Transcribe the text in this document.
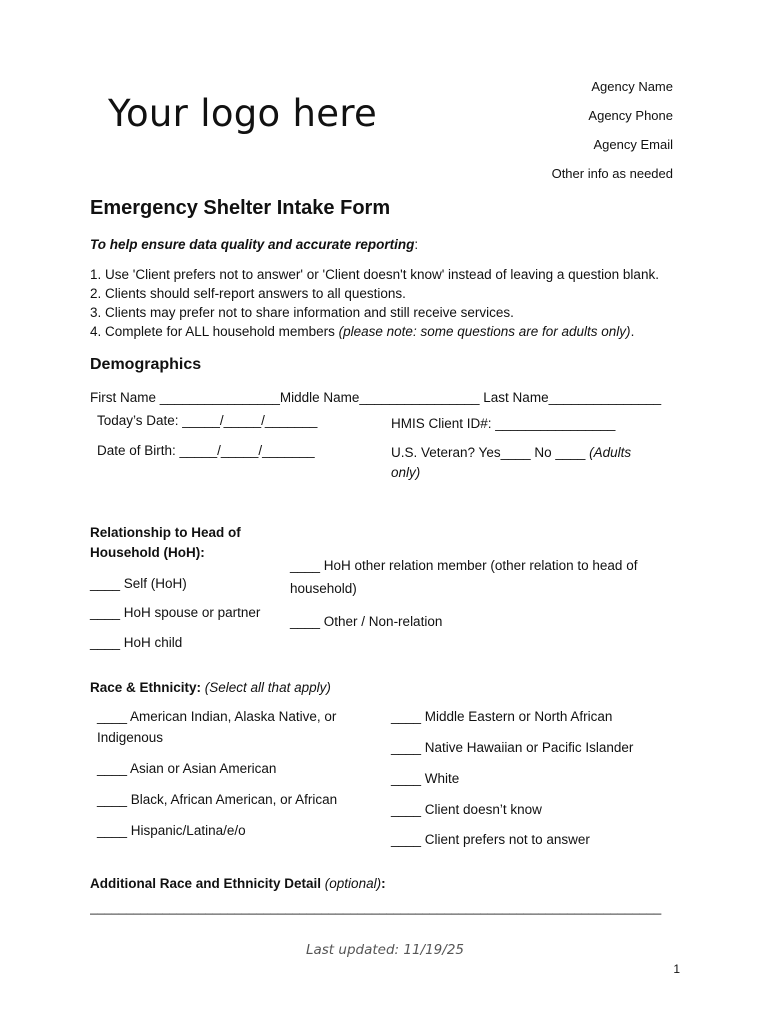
Your logo here
Agency Name
Agency Phone
Agency Email
Other info as needed
Emergency Shelter Intake Form
To help ensure data quality and accurate reporting:
1. Use 'Client prefers not to answer' or 'Client doesn't know' instead of leaving a question blank.
2. Clients should self-report answers to all questions.
3. Clients may prefer not to share information and still receive services.
4. Complete for ALL household members (please note: some questions are for adults only).
Demographics
First Name ________________Middle Name________________ Last Name_______________
Today’s Date: _____/_____/_______	HMIS Client ID#: ________________
Date of Birth: _____/_____/_______	U.S. Veteran? Yes____ No ____ (Adults
only)
Relationship to Head of
Household (HoH):
____ Self (HoH)
____ HoH spouse or partner
____ HoH child
____ HoH other relation member (other relation to head of
household)
____ Other / Non-relation
Race & Ethnicity: (Select all that apply)
____ American Indian, Alaska Native, or
Indigenous
____ Asian or Asian American
____ Black, African American, or African
____ Hispanic/Latina/e/o
____ Middle Eastern or North African
____ Native Hawaiian or Pacific Islander
____ White
____ Client doesn’t know
____ Client prefers not to answer
Additional Race and Ethnicity Detail (optional):
_______________________________________________________________________________
Last updated: 11/19/25
1
